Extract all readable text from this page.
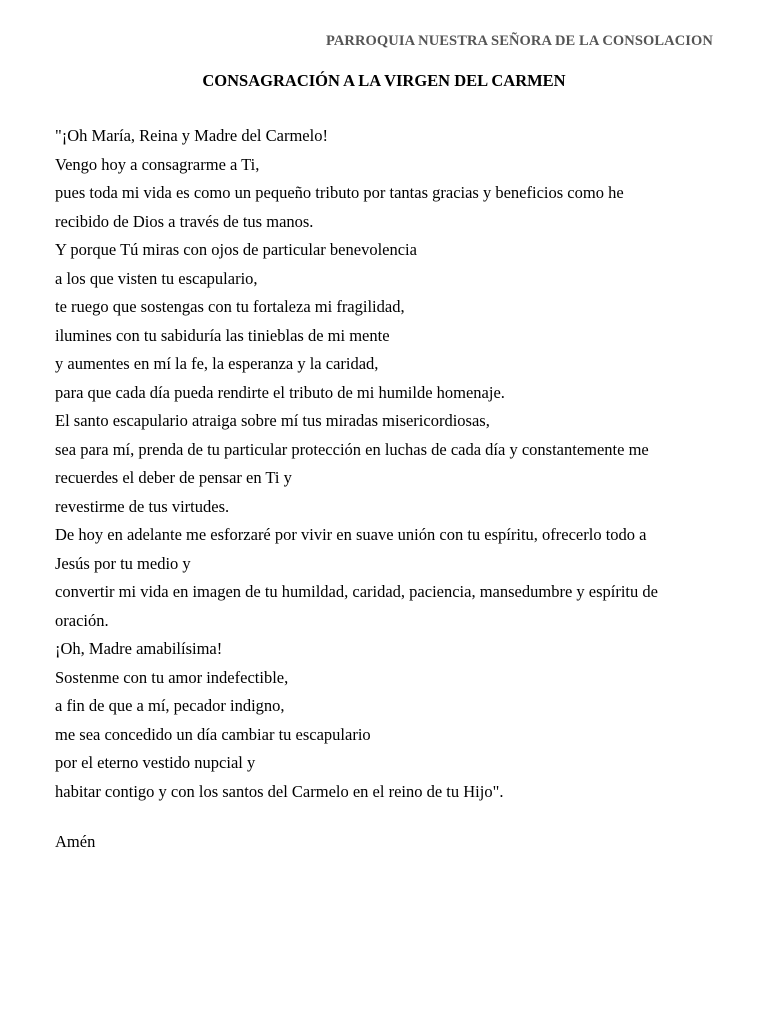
PARROQUIA NUESTRA SEÑORA DE LA CONSOLACION
CONSAGRACIÓN A LA VIRGEN DEL CARMEN
"¡Oh María, Reina y Madre del Carmelo!
Vengo hoy a consagrarme a Ti,
pues toda mi vida es como un pequeño tributo por tantas gracias y beneficios como he
recibido de Dios a través de tus manos.
Y porque Tú miras con ojos de particular benevolencia
a los que visten tu escapulario,
te ruego que sostengas con tu fortaleza mi fragilidad,
ilumines con tu sabiduría las tinieblas de mi mente
y aumentes en mí la fe, la esperanza y la caridad,
para que cada día pueda rendirte el tributo de mi humilde homenaje.
El santo escapulario atraiga sobre mí tus miradas misericordiosas,
sea para mí, prenda de tu particular protección en luchas de cada día y constantemente me
recuerdes el deber de pensar en Ti y
revestirme de tus virtudes.
De hoy en adelante me esforzaré por vivir en suave unión con tu espíritu, ofrecerlo todo a
Jesús por tu medio y
convertir mi vida en imagen de tu humildad, caridad, paciencia, mansedumbre y espíritu de
oración.
¡Oh, Madre amabilísima!
Sostenme con tu amor indefectible,
a fin de que a mí, pecador indigno,
me sea concedido un día cambiar tu escapulario
por el eterno vestido nupcial y
habitar contigo y con los santos del Carmelo en el reino de tu Hijo".
Amén
